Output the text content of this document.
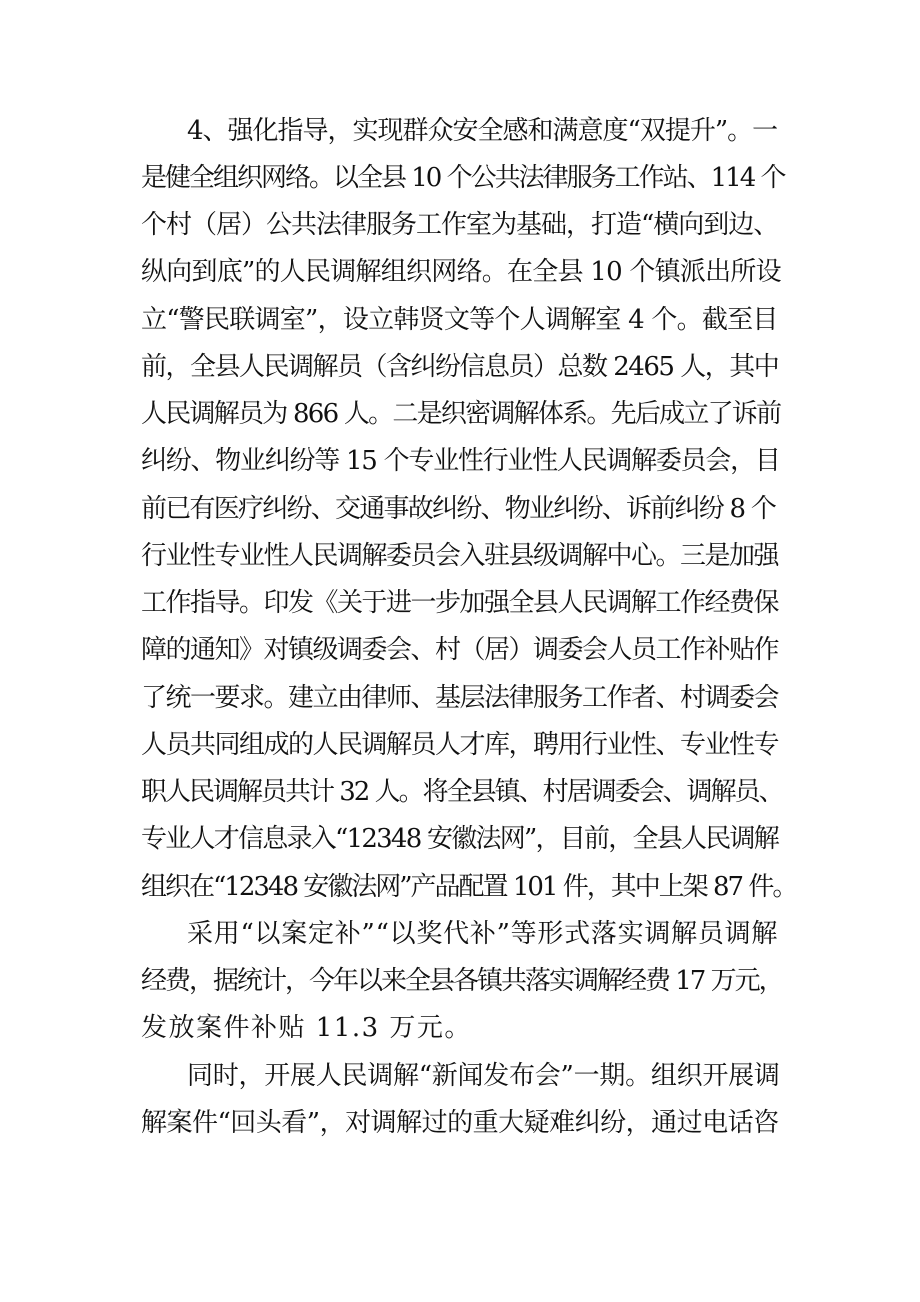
4、强化指导，实现群众安全感和满意度“双提升”。一
是健全组织网络。以全县 10 个公共法律服务工作站、114 个
个村（居）公共法律服务工作室为基础，打造“横向到边、
纵向到底”的人民调解组织网络。在全县 10 个镇派出所设
立“警民联调室”，设立韩贤文等个人调解室 4 个。截至目
前，全县人民调解员（含纠纷信息员）总数 2465 人，其中
人民调解员为 866 人。二是织密调解体系。先后成立了诉前
纠纷、物业纠纷等 15 个专业性行业性人民调解委员会，目
前已有医疗纠纷、交通事故纠纷、物业纠纷、诉前纠纷 8 个
行业性专业性人民调解委员会入驻县级调解中心。三是加强
工作指导。印发《关于进一步加强全县人民调解工作经费保
障的通知》对镇级调委会、村（居）调委会人员工作补贴作
了统一要求。建立由律师、基层法律服务工作者、村调委会
人员共同组成的人民调解员人才库，聘用行业性、专业性专
职人民调解员共计 32 人。将全县镇、村居调委会、调解员、
专业人才信息录入“12348 安徽法网”，目前，全县人民调解
组织在“12348 安徽法网”产品配置 101 件，其中上架 87 件。
采用“以案定补”“以奖代补”等形式落实调解员调解
经费，据统计，今年以来全县各镇共落实调解经费 17 万元，
发放案件补贴 11.3 万元。
同时，开展人民调解“新闻发布会”一期。组织开展调
解案件“回头看”，对调解过的重大疑难纠纷，通过电话咨
